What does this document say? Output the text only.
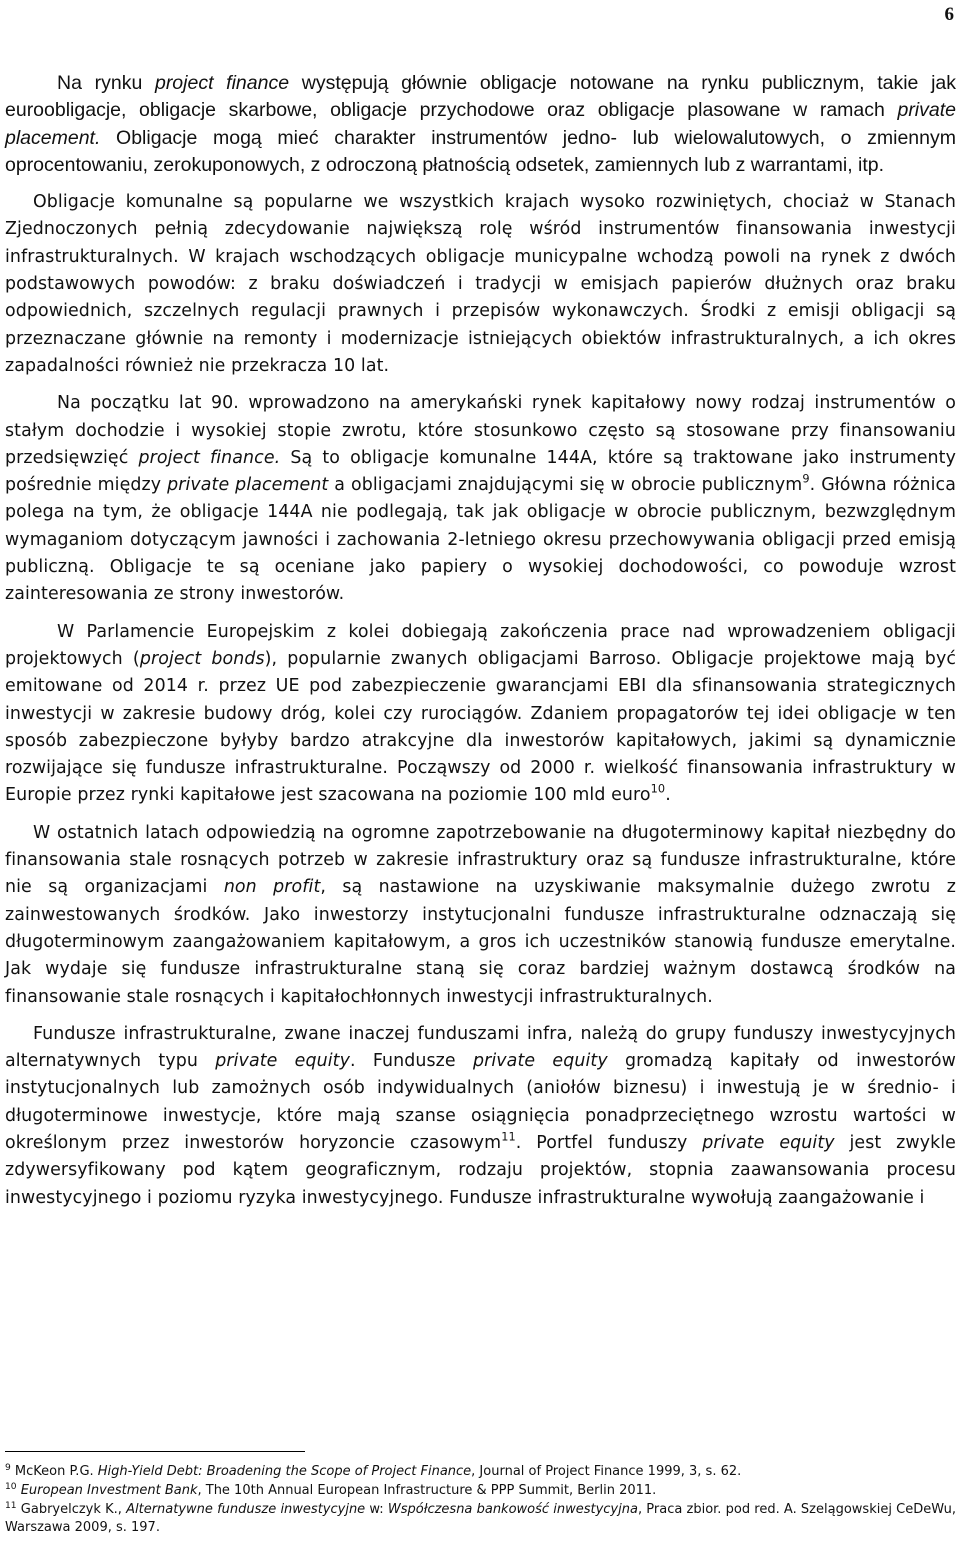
6

Na rynku project finance występują głównie obligacje notowane na rynku publicznym, takie jak euroobligacje, obligacje skarbowe, obligacje przychodowe oraz obligacje plasowane w ramach private placement. Obligacje mogą mieć charakter instrumentów jedno- lub wielowalutowych, o zmiennym oprocentowaniu, zerokuponowych, z odroczoną płatnością odsetek, zamiennych lub z warrantami, itp.

Obligacje komunalne są popularne we wszystkich krajach wysoko rozwiniętych, chociaż w Stanach Zjednoczonych pełnią zdecydowanie największą rolę wśród instrumentów finansowania inwestycji infrastrukturalnych. W krajach wschodzących obligacje municypalne wchodzą powoli na rynek z dwóch podstawowych powodów: z braku doświadczeń i tradycji w emisjach papierów dłużnych oraz braku odpowiednich, szczelnych regulacji prawnych i przepisów wykonawczych. Środki z emisji obligacji są przeznaczane głównie na remonty i modernizacje istniejących obiektów infrastrukturalnych, a ich okres zapadalności również nie przekracza 10 lat.

Na początku lat 90. wprowadzono na amerykański rynek kapitałowy nowy rodzaj instrumentów o stałym dochodzie i wysokiej stopie zwrotu, które stosunkowo często są stosowane przy finansowaniu przedsięwzięć project finance. Są to obligacje komunalne 144A, które są traktowane jako instrumenty pośrednie między private placement a obligacjami znajdującymi się w obrocie publicznym$^9$. Główna różnica polega na tym, że obligacje 144A nie podlegają, tak jak obligacje w obrocie publicznym, bezwzględnym wymaganiom dotyczącym jawności i zachowania 2-letniego okresu przechowywania obligacji przed emisją publiczną. Obligacje te są oceniane jako papiery o wysokiej dochodowości, co powoduje wzrost zainteresowania ze strony inwestorów.

W Parlamencie Europejskim z kolei dobiegają zakończenia prace nad wprowadzeniem obligacji projektowych (project bonds), popularnie zwanych obligacjami Barroso. Obligacje projektowe mają być emitowane od 2014 r. przez UE pod zabezpieczenie gwarancjami EBI dla sfinansowania strategicznych inwestycji w zakresie budowy dróg, kolei czy rurociągów. Zdaniem propagatorów tej idei obligacje w ten sposób zabezpieczone byłyby bardzo atrakcyjne dla inwestorów kapitałowych, jakimi są dynamicznie rozwijające się fundusze infrastrukturalne. Począwszy od 2000 r. wielkość finansowania infrastruktury w Europie przez rynki kapitałowe jest szacowana na poziomie 100 mld euro$^{10}$.

W ostatnich latach odpowiedzią na ogromne zapotrzebowanie na długoterminowy kapitał niezbędny do finansowania stale rosnących potrzeb w zakresie infrastruktury oraz są fundusze infrastrukturalne, które nie są organizacjami non profit, są nastawione na uzyskiwanie maksymalnie dużego zwrotu z zainwestowanych środków. Jako inwestorzy instytucjonalni fundusze infrastrukturalne odznaczają się długoterminowym zaangażowaniem kapitałowym, a gros ich uczestników stanowią fundusze emerytalne. Jak wydaje się fundusze infrastrukturalne staną się coraz bardziej ważnym dostawcą środków na finansowanie stale rosnących i kapitałochłonnych inwestycji infrastrukturalnych.

Fundusze infrastrukturalne, zwane inaczej funduszami infra, należą do grupy funduszy inwestycyjnych alternatywnych typu private equity. Fundusze private equity gromadzą kapitały od inwestorów instytucjonalnych lub zamożnych osób indywidualnych (aniołów biznesu) i inwestują je w średnio- i długoterminowe inwestycje, które mają szanse osiągnięcia ponadprzeciętnego wzrostu wartości w określonym przez inwestorów horyzoncie czasowym$^{11}$. Portfel funduszy private equity jest zwykle zdywersyfikowany pod kątem geograficznym, rodzaju projektów, stopnia zaawansowania procesu inwestycyjnego i poziomu ryzyka inwestycyjnego. Fundusze infrastrukturalne wywołują zaangażowanie i

$^9$ McKeon P.G. High-Yield Debt: Broadening the Scope of Project Finance, Journal of Project Finance 1999, 3, s. 62.
$^{10}$ European Investment Bank, The 10th Annual European Infrastructure & PPP Summit, Berlin 2011.
$^{11}$ Gabryelczyk K., Alternatywne fundusze inwestycyjne w: Współczesna bankowość inwestycyjna, Praca zbior. pod red. A. Szelągowskiej CeDeWu, Warszawa 2009, s. 197.
